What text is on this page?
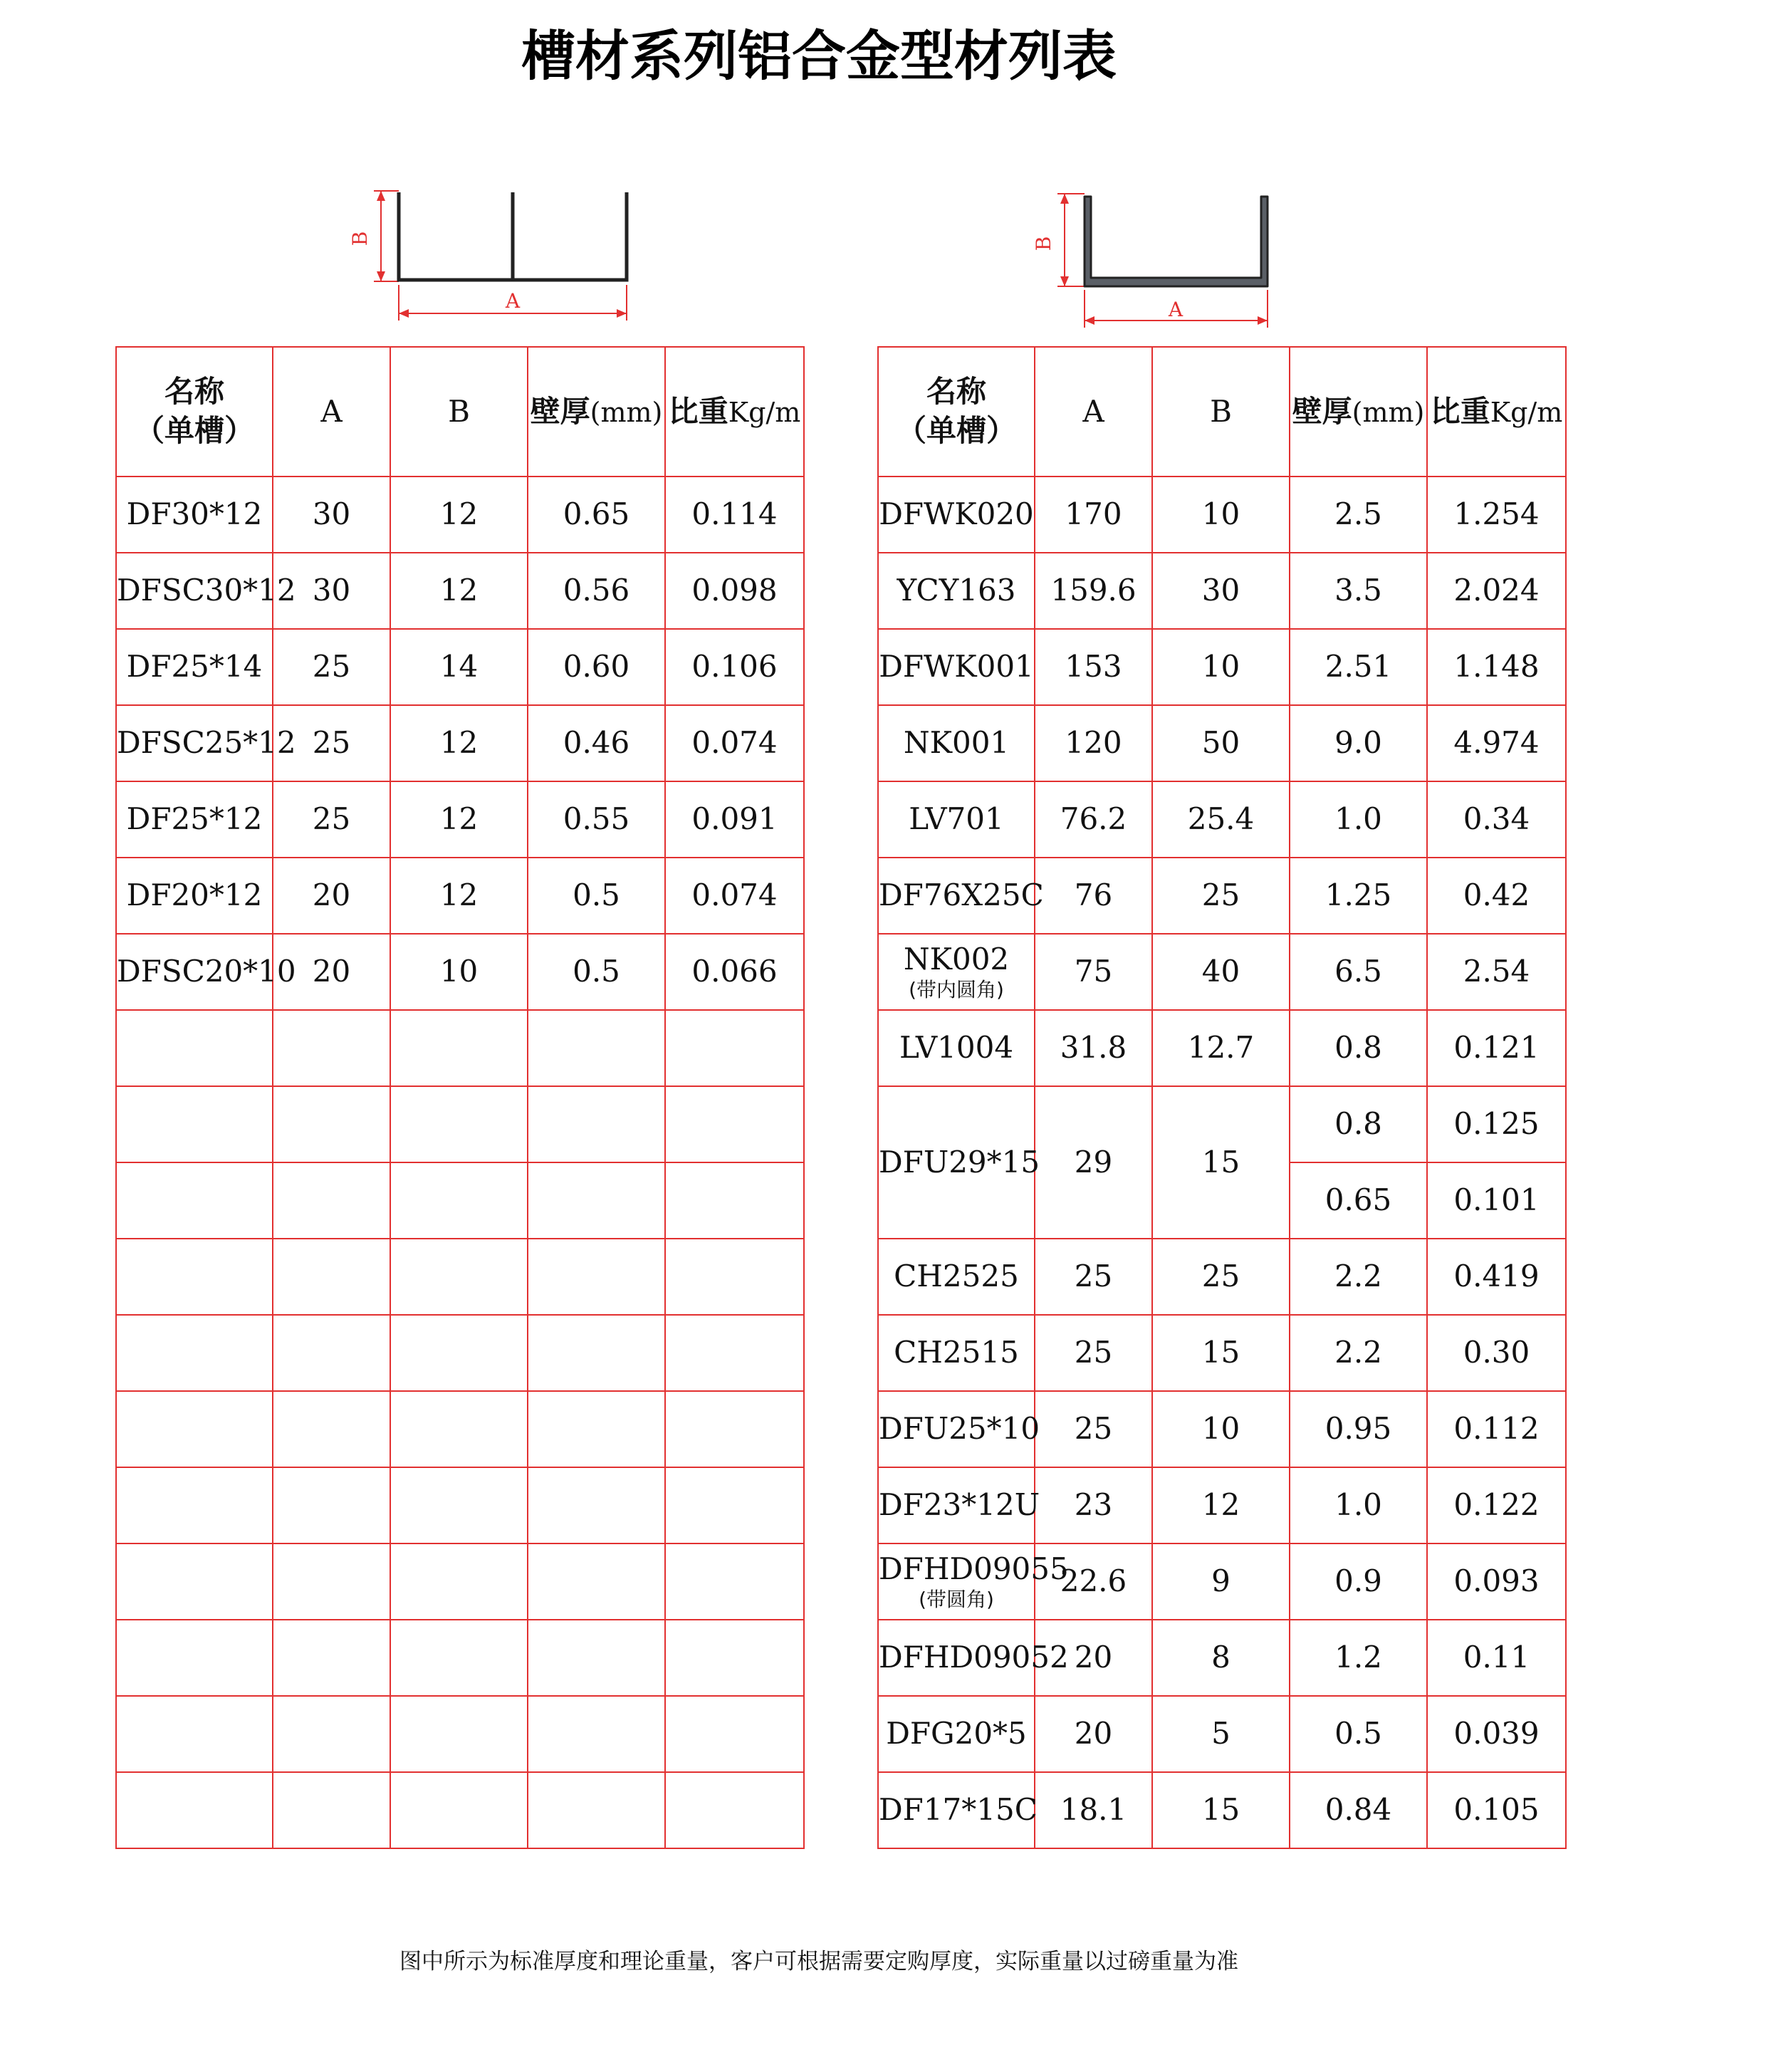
槽材系列铝合金型材列表
B
A
B
A
名称
（单槽）	A	B	壁厚(mm)	比重Kg/m
DF30*12	30	12	0.65	0.114
DFSC30*12	30	12	0.56	0.098
DF25*14	25	14	0.60	0.106
DFSC25*12	25	12	0.46	0.074
DF25*12	25	12	0.55	0.091
DF20*12	20	12	0.5	0.074
DFSC20*10	20	10	0.5	0.066

名称
（单槽）	A	B	壁厚(mm)	比重Kg/m
DFWK020	170	10	2.5	1.254
YCY163	159.6	30	3.5	2.024
DFWK001	153	10	2.51	1.148
NK001	120	50	9.0	4.974
LV701	76.2	25.4	1.0	0.34
DF76X25C	76	25	1.25	0.42
NK002
(带内圆角)	75	40	6.5	2.54
LV1004	31.8	12.7	0.8	0.121
DFU29*15	29	15	0.8	0.125
			0.65	0.101
CH2525	25	25	2.2	0.419
CH2515	25	15	2.2	0.30
DFU25*10	25	10	0.95	0.112
DF23*12U	23	12	1.0	0.122
DFHD09055
(带圆角)	22.6	9	0.9	0.093
DFHD09052	20	8	1.2	0.11
DFG20*5	20	5	0.5	0.039
DF17*15C	18.1	15	0.84	0.105
图中所示为标准厚度和理论重量，客户可根据需要定购厚度，实际重量以过磅重量为准
